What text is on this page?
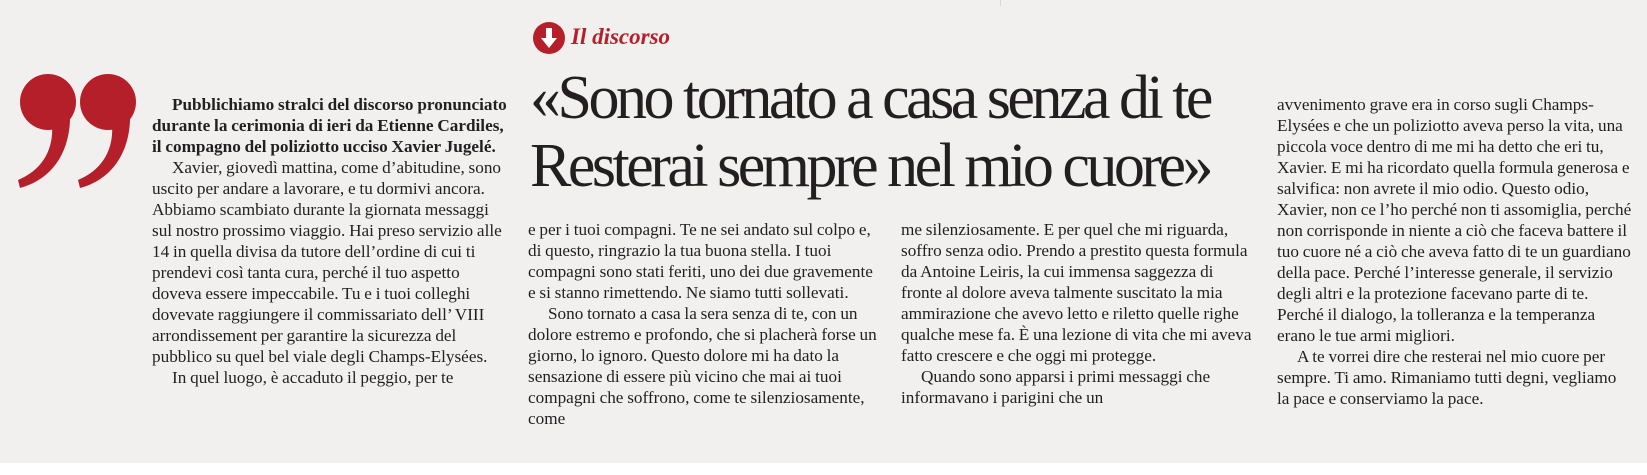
Il discorso
«Sono tornato a casa senza di te
Resterai sempre nel mio cuore»

Pubblichiamo stralci del discorso pronunciato durante la cerimonia di ieri da Etienne Cardiles, il compagno del poliziotto ucciso Xavier Jugelé.

Xavier, giovedì mattina, come d’abitudine, sono uscito per andare a lavorare, e tu dormivi ancora. Abbiamo scambiato durante la giornata messaggi sul nostro prossimo viaggio. Hai preso servizio alle 14 in quella divisa da tutore dell’ordine di cui ti prendevi così tanta cura, perché il tuo aspetto doveva essere impeccabile. Tu e i tuoi colleghi dovevate raggiungere il commissariato dell’ VIII arrondissement per garantire la sicurezza del pubblico su quel bel viale degli Champs-Elysées.

In quel luogo, è accaduto il peggio, per te

e per i tuoi compagni. Te ne sei andato sul colpo e, di questo, ringrazio la tua buona stella. I tuoi compagni sono stati feriti, uno dei due gravemente e si stanno rimettendo. Ne siamo tutti sollevati.

Sono tornato a casa la sera senza di te, con un dolore estremo e profondo, che si placherà forse un giorno, lo ignoro. Questo dolore mi ha dato la sensazione di essere più vicino che mai ai tuoi compagni che soffrono, come te silenziosamente, come

me silenziosamente. E per quel che mi riguarda, soffro senza odio. Prendo a prestito questa formula da Antoine Leiris, la cui immensa saggezza di fronte al dolore aveva talmente suscitato la mia ammirazione che avevo letto e riletto quelle righe qualche mese fa. È una lezione di vita che mi aveva fatto crescere e che oggi mi protegge.

Quando sono apparsi i primi messaggi che informavano i parigini che un

avvenimento grave era in corso sugli Champs-Elysées e che un poliziotto aveva perso la vita, una piccola voce dentro di me mi ha detto che eri tu, Xavier. E mi ha ricordato quella formula generosa e salvifica: non avrete il mio odio. Questo odio, Xavier, non ce l’ho perché non ti assomiglia, perché non corrisponde in niente a ciò che faceva battere il tuo cuore né a ciò che aveva fatto di te un guardiano della pace. Perché l’interesse generale, il servizio degli altri e la protezione facevano parte di te. Perché il dialogo, la tolleranza e la temperanza erano le tue armi migliori.

A te vorrei dire che resterai nel mio cuore per sempre. Ti amo. Rimaniamo tutti degni, vegliamo la pace e conserviamo la pace.
